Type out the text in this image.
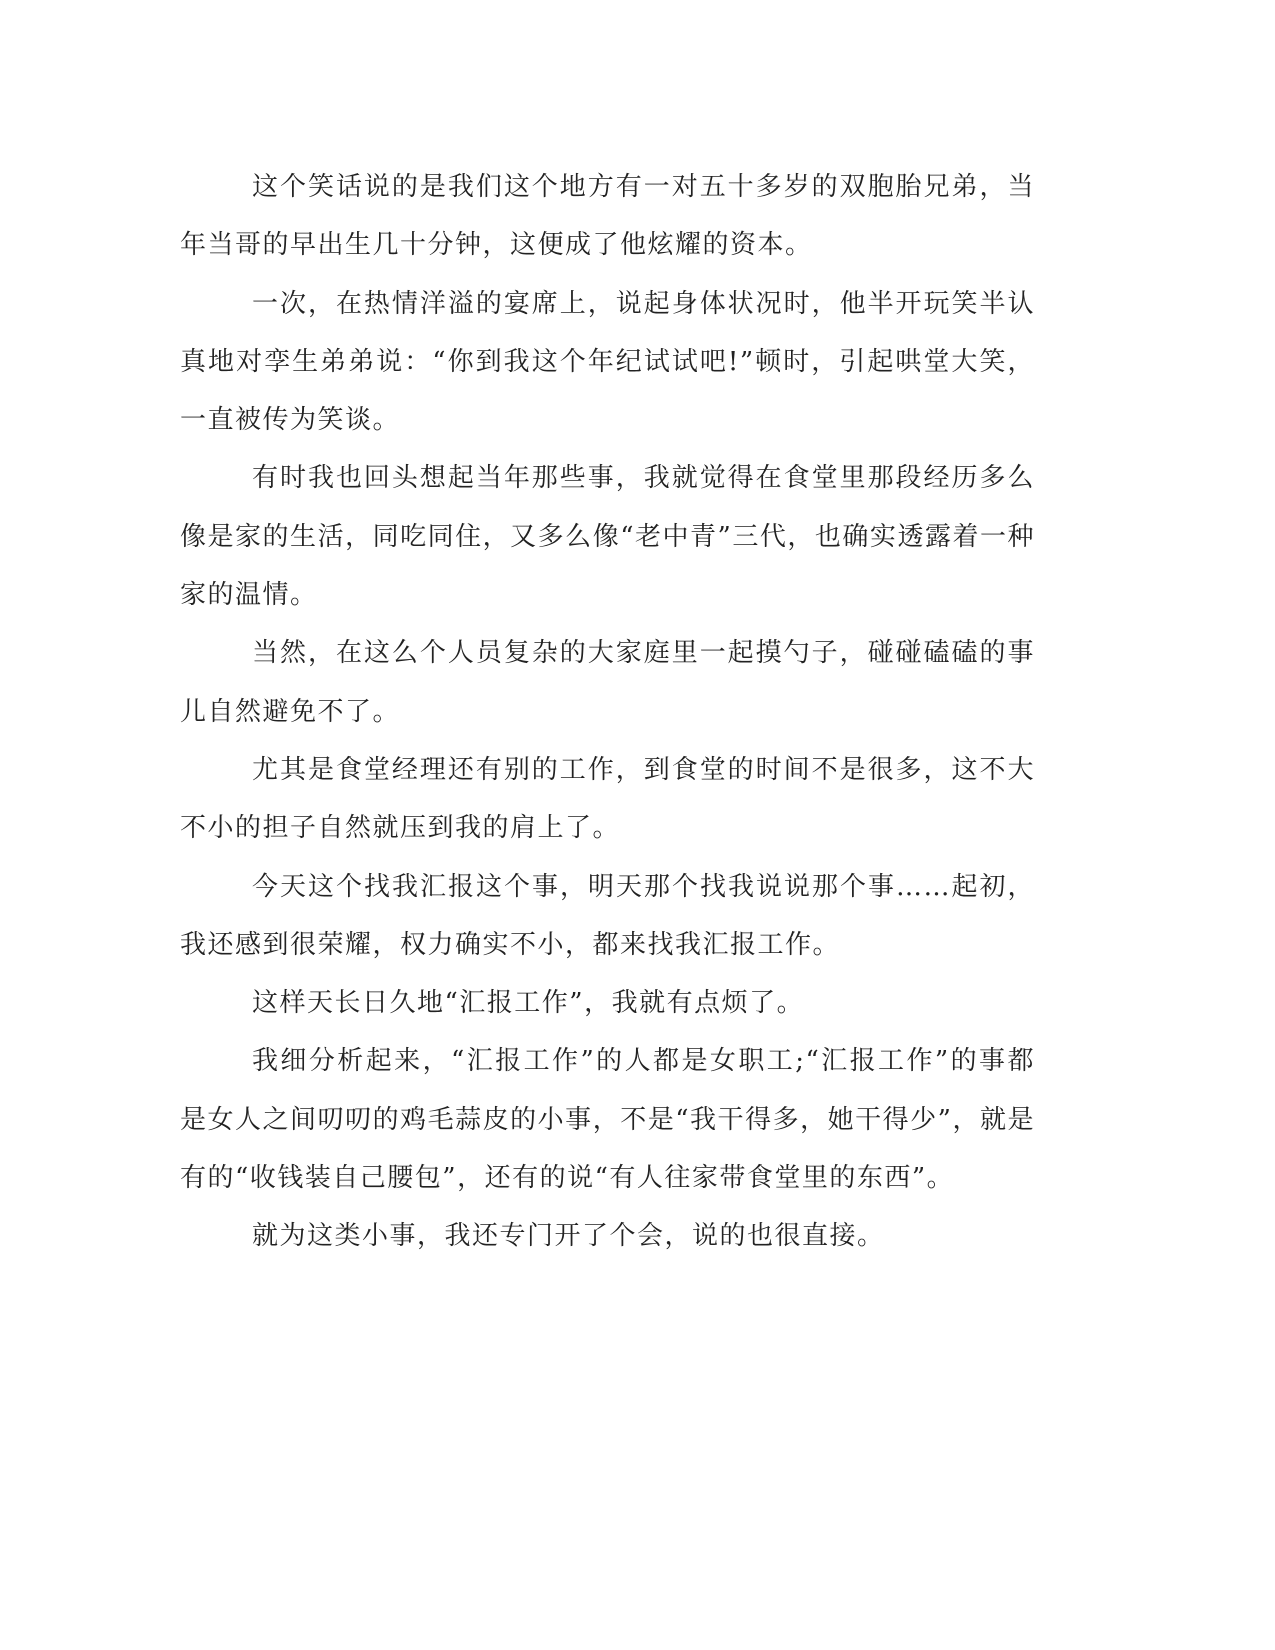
这个笑话说的是我们这个地方有一对五十多岁的双胞胎兄弟，当年当哥的早出生几十分钟，这便成了他炫耀的资本。

一次，在热情洋溢的宴席上，说起身体状况时，他半开玩笑半认真地对孪生弟弟说：“你到我这个年纪试试吧!”顿时，引起哄堂大笑，一直被传为笑谈。

有时我也回头想起当年那些事，我就觉得在食堂里那段经历多么像是家的生活，同吃同住，又多么像“老中青”三代，也确实透露着一种家的温情。

当然，在这么个人员复杂的大家庭里一起摸勺子，碰碰磕磕的事儿自然避免不了。

尤其是食堂经理还有别的工作，到食堂的时间不是很多，这不大不小的担子自然就压到我的肩上了。

今天这个找我汇报这个事，明天那个找我说说那个事……起初，我还感到很荣耀，权力确实不小，都来找我汇报工作。

这样天长日久地“汇报工作”，我就有点烦了。

我细分析起来，“汇报工作”的人都是女职工;“汇报工作”的事都是女人之间叨叨的鸡毛蒜皮的小事，不是“我干得多，她干得少”，就是有的“收钱装自己腰包”，还有的说“有人往家带食堂里的东西”。

就为这类小事，我还专门开了个会，说的也很直接。
